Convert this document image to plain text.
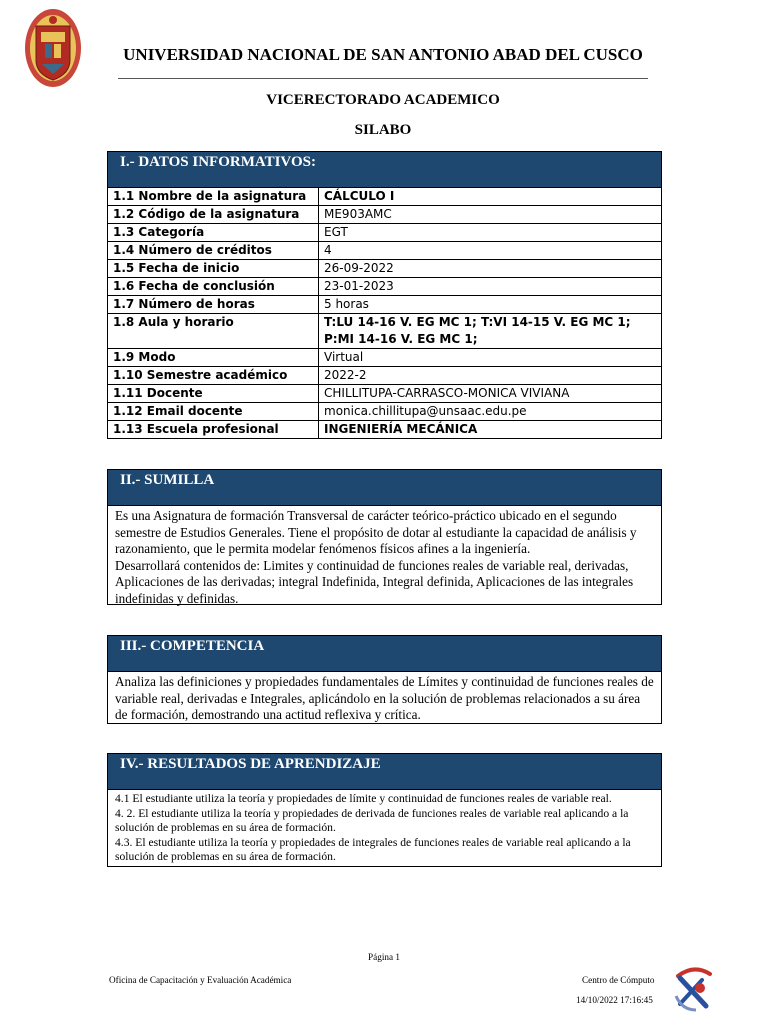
UNIVERSIDAD NACIONAL DE SAN ANTONIO ABAD DEL CUSCO
VICERECTORADO ACADEMICO
SILABO
I.- DATOS INFORMATIVOS:
1.1 Nombre de la asignatura	CÁLCULO I
1.2 Código de la asignatura	ME903AMC
1.3 Categoría	EGT
1.4 Número de créditos	4
1.5 Fecha de inicio	26-09-2022
1.6 Fecha de conclusión	23-01-2023
1.7 Número de horas	5 horas
1.8 Aula y horario	T:LU 14-16 V. EG MC 1; T:VI 14-15 V. EG MC 1; P:MI 14-16 V. EG MC 1;
1.9 Modo	Virtual
1.10 Semestre académico	2022-2
1.11 Docente	CHILLITUPA-CARRASCO-MONICA VIVIANA
1.12 Email docente	monica.chillitupa@unsaac.edu.pe
1.13 Escuela profesional	INGENIERÍA MECÁNICA
II.- SUMILLA
Es una Asignatura de formación Transversal de carácter teórico-práctico ubicado en el segundo semestre de Estudios Generales. Tiene el propósito de dotar al estudiante la capacidad de análisis y razonamiento, que le permita modelar fenómenos físicos afines a la ingeniería.
Desarrollará contenidos de: Limites y continuidad de funciones reales de variable real, derivadas, Aplicaciones de las derivadas; integral Indefinida, Integral definida, Aplicaciones de las integrales indefinidas y definidas.
III.- COMPETENCIA
Analiza las definiciones y propiedades fundamentales de Límites y continuidad de funciones reales de variable real, derivadas e Integrales, aplicándolo en la solución de problemas relacionados a su área de formación, demostrando una actitud reflexiva y crítica.
IV.- RESULTADOS DE APRENDIZAJE
4.1 El estudiante utiliza la teoría y propiedades de límite y continuidad de funciones reales de variable real.
4. 2. El estudiante utiliza la teoría y propiedades de derivada de funciones reales de variable real aplicando a la solución de problemas en su área de formación.
4.3. El estudiante utiliza la teoría y propiedades de integrales de funciones reales de variable real aplicando a la solución de problemas en su área de formación.
Página 1
Oficina de Capacitación y Evaluación Académica	Centro de Cómputo
14/10/2022 17:16:45
